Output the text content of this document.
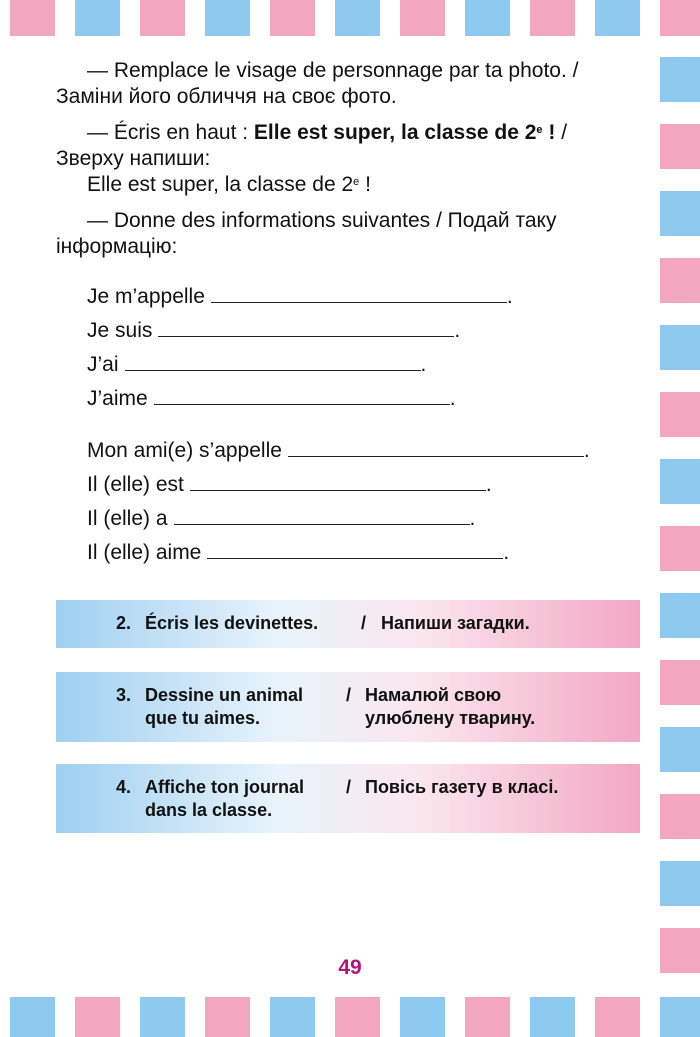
— Remplace le visage de personnage par ta photo. /
Заміни його обличчя на своє фото.
— Écris en haut : Elle est super, la classe de 2e ! /
Зверху напиши:
Elle est super, la classe de 2e !
— Donne des informations suivantes / Подай таку
інформацію:
Je m’appelle	.
Je suis	.
J’ai	.
J’aime	.
Mon ami(e) s’appelle	.
Il (elle) est	.
Il (elle) a	.
Il (elle) aime	.
2. Écris les devinettes. / Напиши загадки.
3. Dessine un animal
que tu aimes.
/ Намалюй свою
улюблену тварину.
4. Affiche ton journal
dans la classe.
/ Повісь газету в класі.
49
